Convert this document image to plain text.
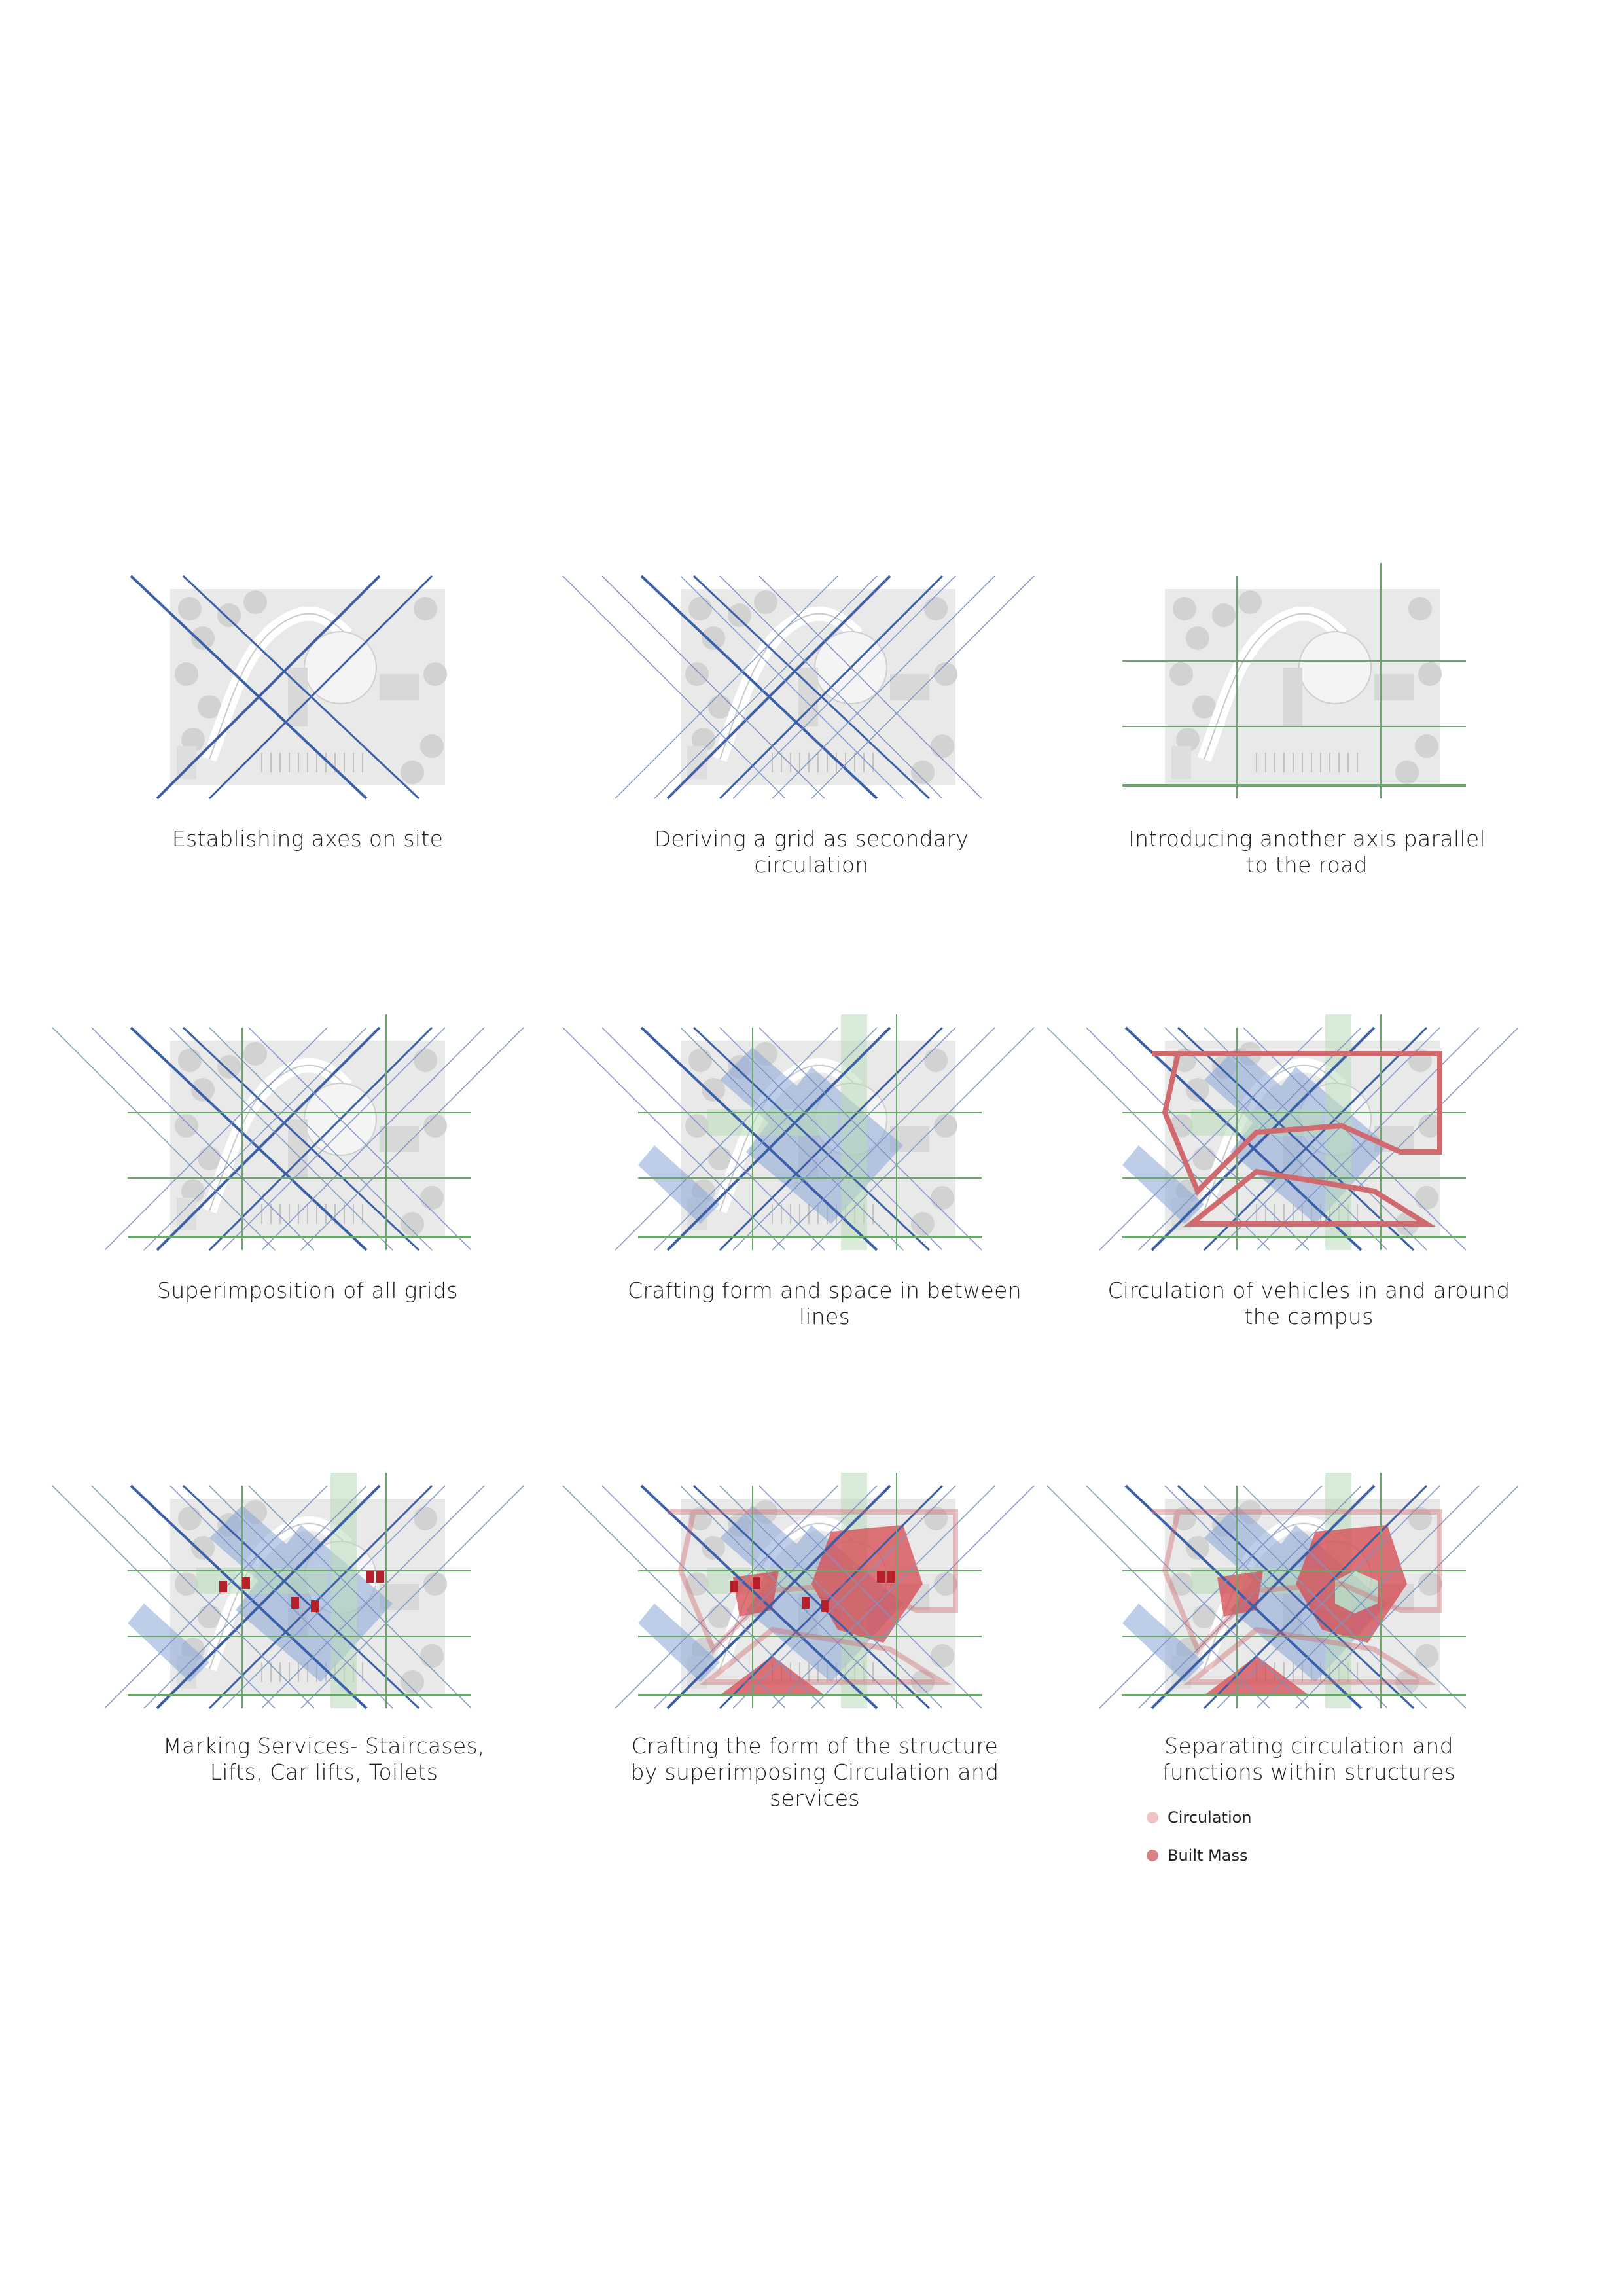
Establishing axes on site	Deriving a grid as secondary circulation
Introducing another axis parallel to the road
Superimposition of all grids	Crafting form and space in between lines
Circulation of vehicles in and around the campus
Marking Services- Staircases, Lifts, Car lifts, Toilets
Crafting the form of the structure by superimposing Circulation and services
Separating circulation and functions within structures
Circulation
Built Mass
